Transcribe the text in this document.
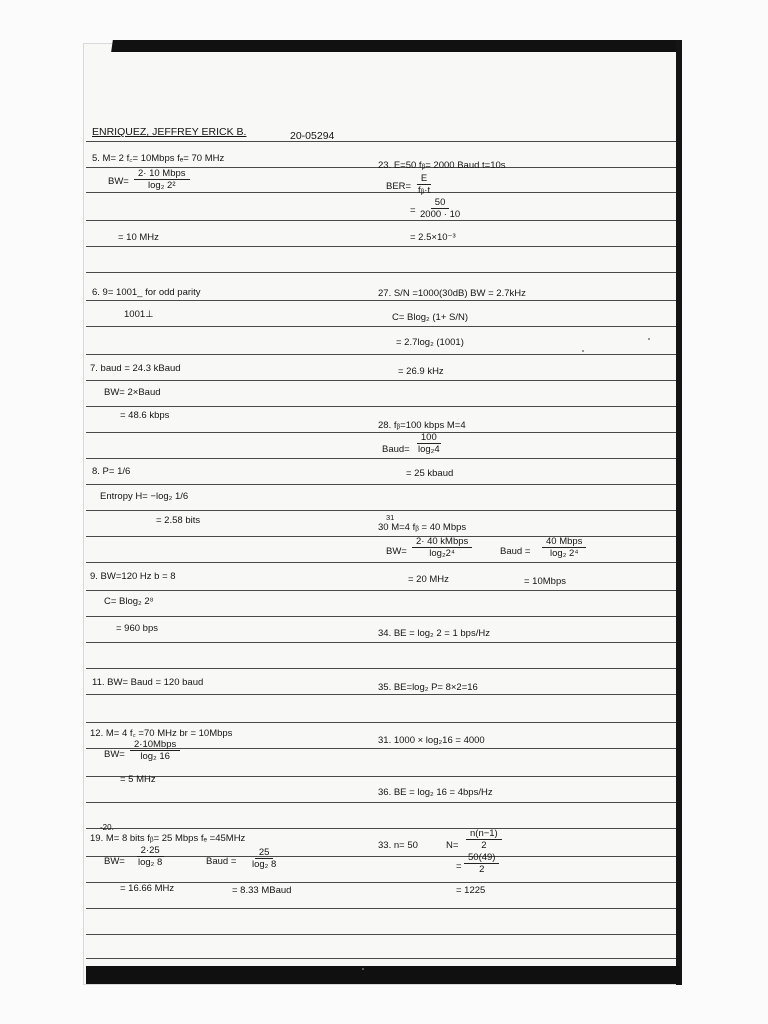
ENRIQUEZ, JEFFREY ERICK B.	20-05294
5. M= 2 f꜀= 10Mbps fₑ= 70 MHz
BW=
2· 10 Mbps
log₂ 2²
= 10 MHz
23. E=50 fᵦ= 2000 Baud t=10s
$BER= \frac{E}{\text{fᵦ·t}}$
= $\frac{50}{2000 \cdot 10}$
= 2.5×10⁻³
6. 9= 1001_ for odd parity
1001⊥
27. S/N =1000(30dB) BW = 2.7kHz
C= Blog₂ (1+ S/N)
= 2.7log₂ (1001)
= 26.9 kHz
7. baud = 24.3 kBaud
BW= 2×Baud
= 48.6 kbps
28. fᵦ=100 kbps M=4
Baud= $\frac{100}{\text{log₂4}}$
= 25 kbaud
8. P= 1/6
Entropy H= −log₂ 1/6
= 2.58 bits	31
30 M=4 fᵦ = 40 Mbps
BW=
2· 40 kMbps
log₂2⁴	Baud =
40 Mbps
log₂ 2⁴
= 20 MHz	= 10Mbps
9. BW=120 Hz b = 8
C= Blog₂ 2⁸
= 960 bps	34. BE = log₂ 2 = 1 bps/Hz
11. BW= Baud = 120 baud	35. BE=log₂ P= 8×2=16
12. M= 4 f꜀ =70 MHz br = 10Mbps
BW=
2·10Mbps
log₂ 16
= 5 MHz
31. 1000 × log₂16 = 4000
36. BE = log₂ 16 = 4bps/Hz
-20.
19. M= 8 bits fᵦ= 25 Mbps fₑ =45MHz
$BW= \frac{2\cdot 25}{\text{log₂ 8}}$	Baud = $\frac{25}{\text{log₂ 8}}$
= 16.66 MHz	= 8.33 MBaud
33. n= 50	$N= \frac{n(n-1)}{2}$
= $\frac{50(49)}{2}$
= 1225
